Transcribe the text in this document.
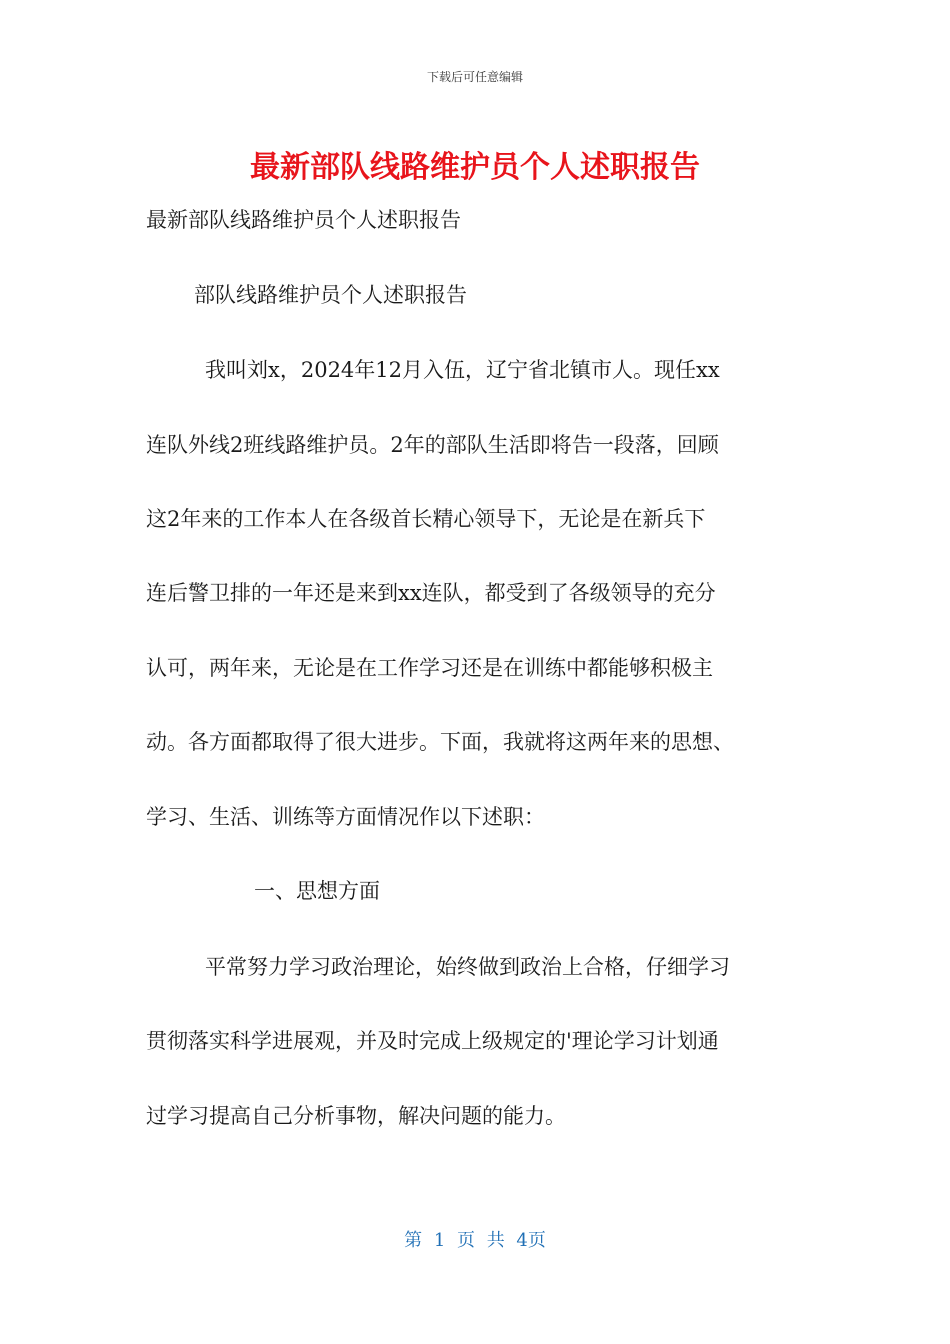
下载后可任意编辑
最新部队线路维护员个人述职报告
最新部队线路维护员个人述职报告
部队线路维护员个人述职报告
我叫刘x，2024年12月入伍，辽宁省北镇市人。现任xx
连队外线2班线路维护员。2年的部队生活即将告一段落，回顾
这2年来的工作本人在各级首长精心领导下，无论是在新兵下
连后警卫排的一年还是来到xx连队，都受到了各级领导的充分
认可，两年来，无论是在工作学习还是在训练中都能够积极主
动。各方面都取得了很大进步。下面，我就将这两年来的思想、
学习、生活、训练等方面情况作以下述职：
一、思想方面
平常努力学习政治理论，始终做到政治上合格，仔细学习
贯彻落实科学进展观，并及时完成上级规定的'理论学习计划通
过学习提高自己分析事物，解决问题的能力。
第 1 页 共 4页
